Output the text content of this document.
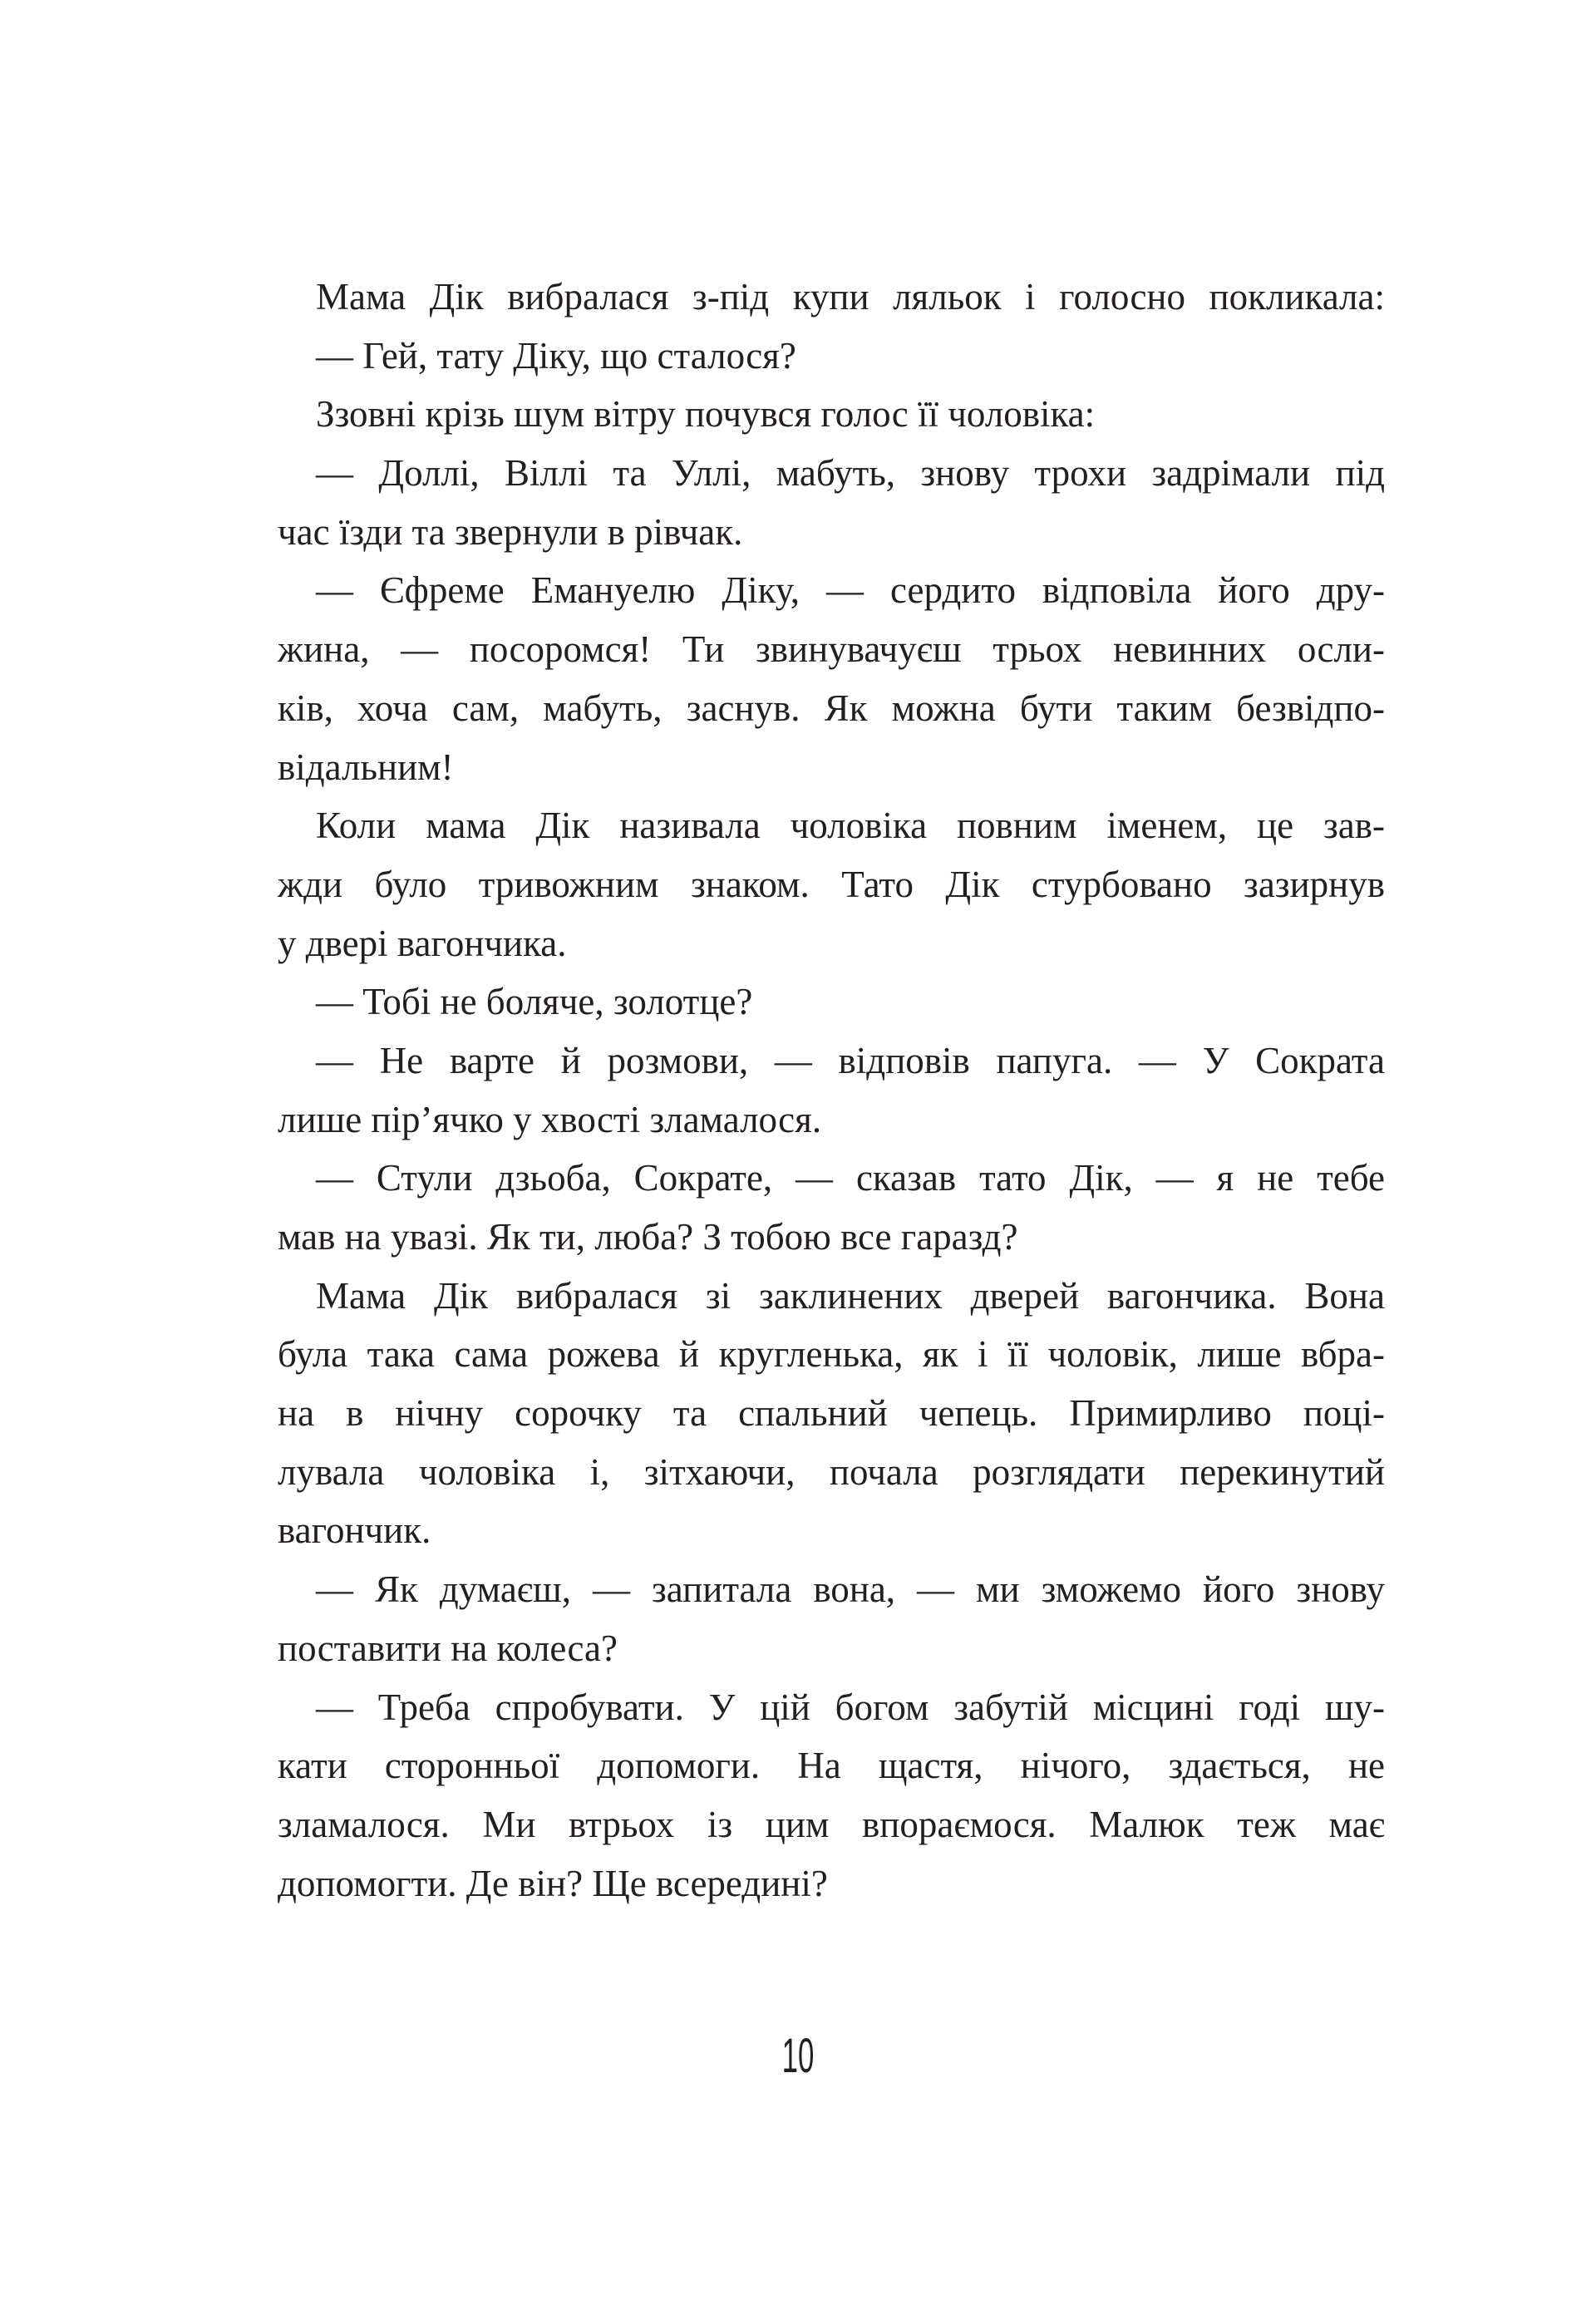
Мама Дік вибралася з-під купи ляльок і голосно покликала:
— Гей, тату Діку, що сталося?
Ззовні крізь шум вітру почувся голос її чоловіка:
— Доллі, Віллі та Уллі, мабуть, знову трохи задрімали під
час їзди та звернули в рівчак.
— Єфреме Емануелю Діку, — сердито відповіла його дру-
жина, — посоромся! Ти звинувачуєш трьох невинних осли-
ків, хоча сам, мабуть, заснув. Як можна бути таким безвідпо-
відальним!
Коли мама Дік називала чоловіка повним іменем, це зав-
жди було тривожним знаком. Тато Дік стурбовано зазирнув
у двері вагончика.
— Тобі не боляче, золотце?
— Не варте й розмови, — відповів папуга. — У Сократа
лише пір’ячко у хвості зламалося.
— Стули дзьоба, Сократе, — сказав тато Дік, — я не тебе
мав на увазі. Як ти, люба? З тобою все гаразд?
Мама Дік вибралася зі заклинених дверей вагончика. Вона
була така сама рожева й кругленька, як і її чоловік, лише вбра-
на в нічну сорочку та спальний чепець. Примирливо поці-
лувала чоловіка і, зітхаючи, почала розглядати перекинутий
вагончик.
— Як думаєш, — запитала вона, — ми зможемо його знову
поставити на колеса?
— Треба спробувати. У цій богом забутій місцині годі шу-
кати сторонньої допомоги. На щастя, нічого, здається, не
зламалося. Ми втрьох із цим впораємося. Малюк теж має
допомогти. Де він? Ще всередині?
10
